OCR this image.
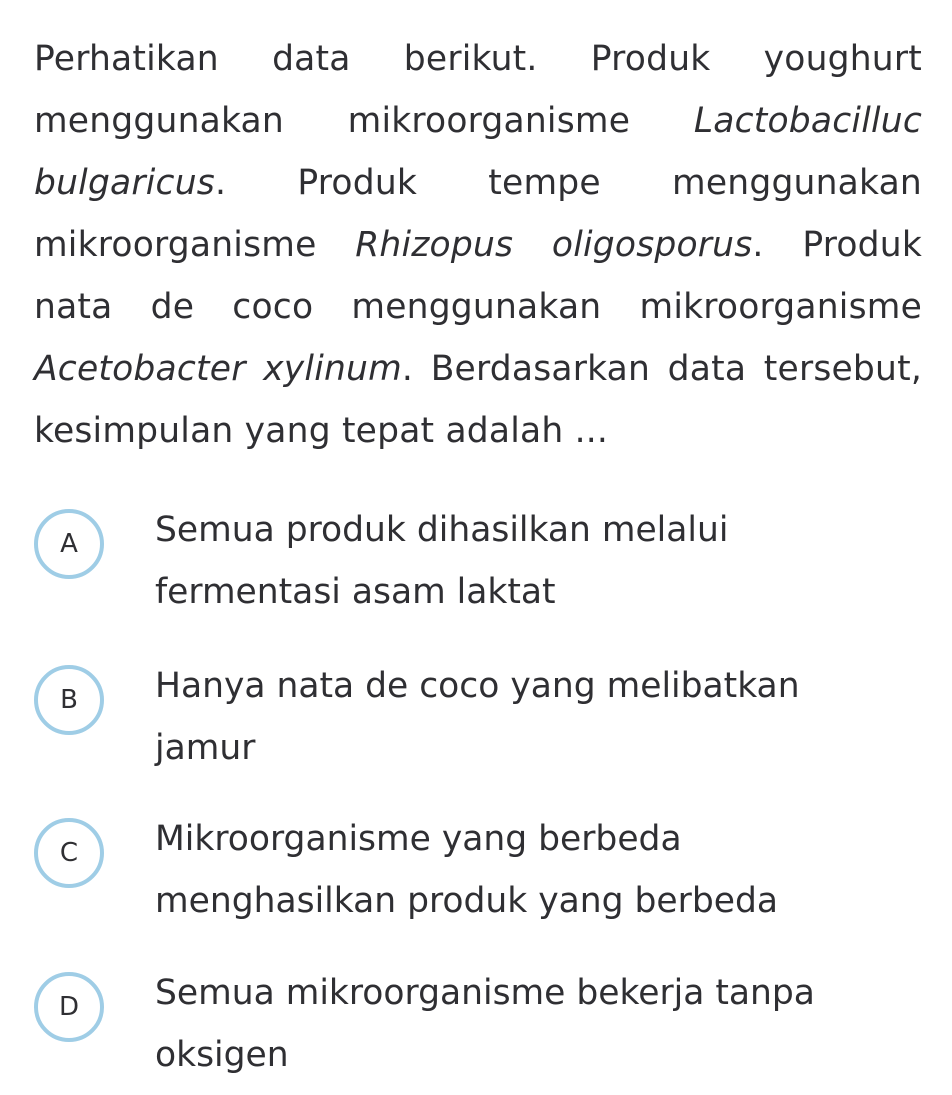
Perhatikan data berikut. Produk youghurt menggunakan mikroorganisme Lactobacilluc bulgaricus. Produk tempe menggunakan mikroorganisme Rhizopus oligosporus. Produk nata de coco menggunakan mikroorganisme Acetobacter xylinum. Berdasarkan data tersebut, kesimpulan yang tepat adalah ...
A	Semua produk dihasilkan melalui fermentasi asam laktat
B	Hanya nata de coco yang melibatkan jamur
C	Mikroorganisme yang berbeda menghasilkan produk yang berbeda
D	Semua mikroorganisme bekerja tanpa oksigen
